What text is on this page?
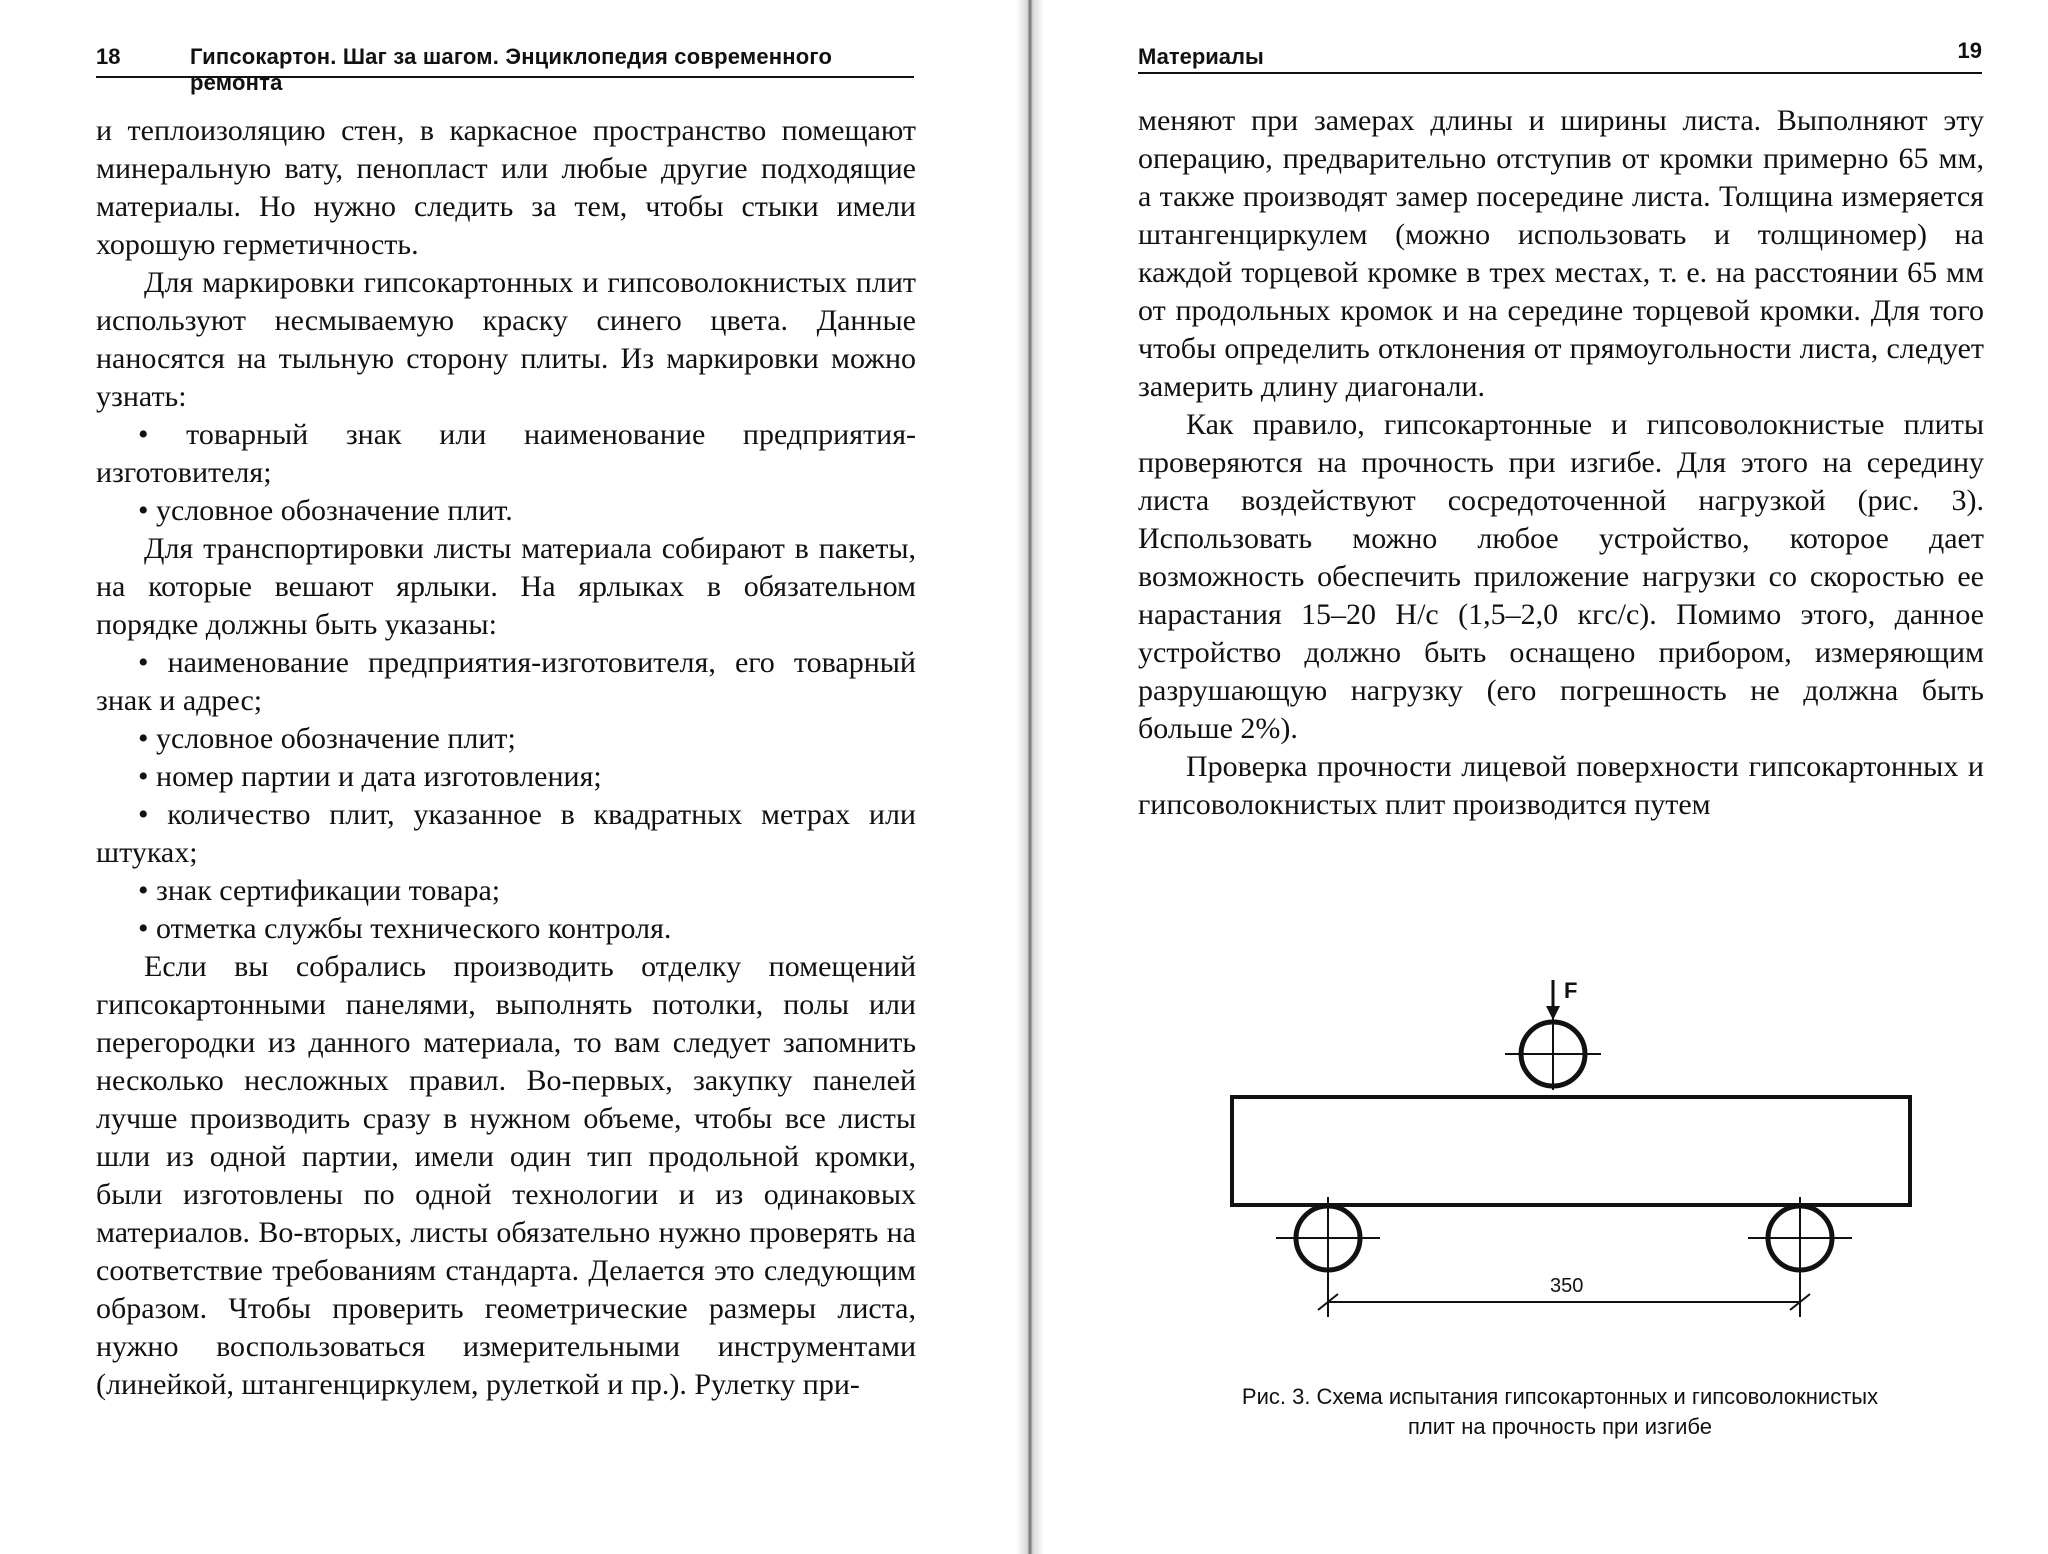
18	Гипсокартон. Шаг за шагом. Энциклопедия современного ремонта

и теплоизоляцию стен, в каркасное пространство помещают минеральную вату, пенопласт или любые другие подходящие материалы. Но нужно следить за тем, чтобы стыки имели хорошую герметичность.

Для маркировки гипсокартонных и гипсоволокнистых плит используют несмываемую краску синего цвета. Данные наносятся на тыльную сторону плиты. Из маркировки можно узнать:

• товарный знак или наименование предприятия-изготовителя;

• условное обозначение плит.

Для транспортировки листы материала собирают в пакеты, на которые вешают ярлыки. На ярлыках в обязательном порядке должны быть указаны:

• наименование предприятия-изготовителя, его товарный знак и адрес;

• условное обозначение плит;

• номер партии и дата изготовления;

• количество плит, указанное в квадратных метрах или штуках;

• знак сертификации товара;

• отметка службы технического контроля.

Если вы собрались производить отделку помещений гипсокартонными панелями, выполнять потолки, полы или перегородки из данного материала, то вам следует запомнить несколько несложных правил. Во-первых, закупку панелей лучше производить сразу в нужном объеме, чтобы все листы шли из одной партии, имели один тип продольной кромки, были изготовлены по одной технологии и из одинаковых материалов. Во-вторых, листы обязательно нужно проверять на соответствие требованиям стандарта. Делается это следующим образом. Чтобы проверить геометрические размеры листа, нужно воспользоваться измерительными инструментами (линейкой, штангенциркулем, рулеткой и пр.). Рулетку при-

Материалы	19

меняют при замерах длины и ширины листа. Выполняют эту операцию, предварительно отступив от кромки примерно 65 мм, а также производят замер посередине листа. Толщина измеряется штангенциркулем (можно использовать и толщиномер) на каждой торцевой кромке в трех местах, т. е. на расстоянии 65 мм от продольных кромок и на середине торцевой кромки. Для того чтобы определить отклонения от прямоугольности листа, следует замерить длину диагонали.

Как правило, гипсокартонные и гипсоволокнистые плиты проверяются на прочность при изгибе. Для этого на середину листа воздействуют сосредоточенной нагрузкой (рис. 3). Использовать можно любое устройство, которое дает возможность обеспечить приложение нагрузки со скоростью ее нарастания 15–20 Н/с (1,5–2,0 кгс/с). Помимо этого, данное устройство должно быть оснащено прибором, измеряющим разрушающую нагрузку (его погрешность не должна быть больше 2%).

Проверка прочности лицевой поверхности гипсокартонных и гипсоволокнистых плит производится путем

F
350
Рис. 3. Схема испытания гипсокартонных и гипсоволокнистых
плит на прочность при изгибе
